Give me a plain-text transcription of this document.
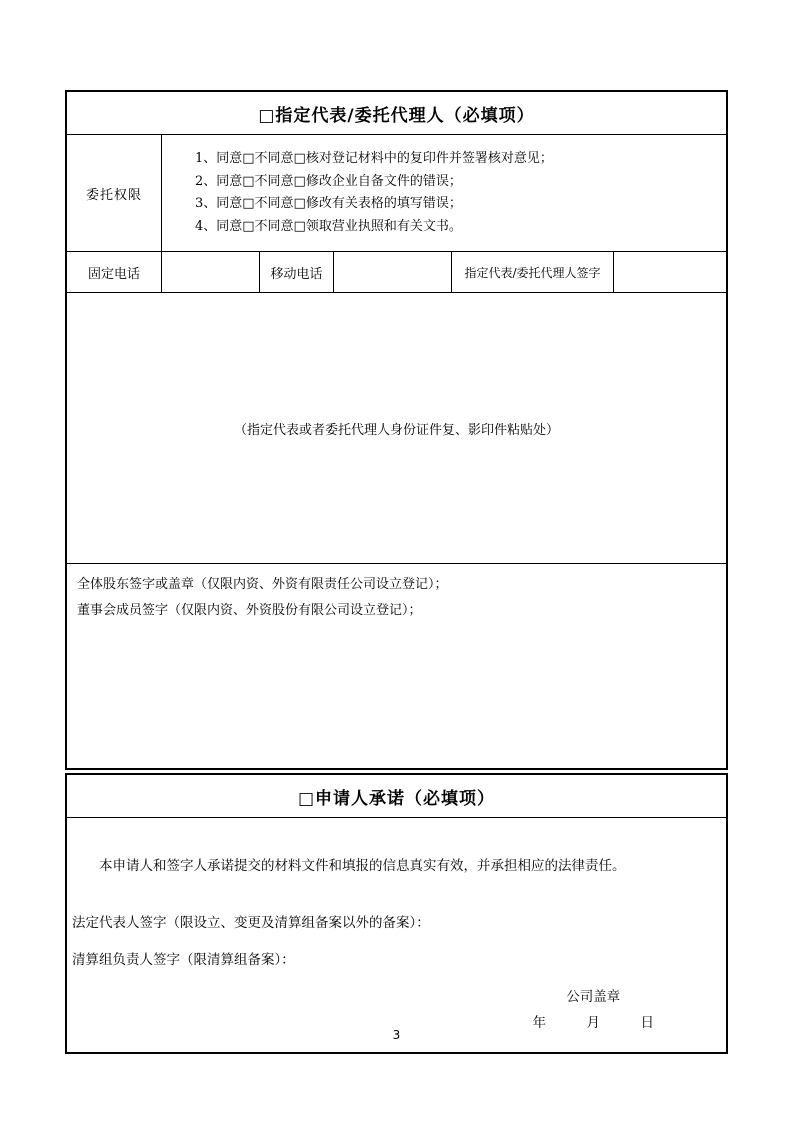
□指定代表/委托代理人（必填项）
委托权限
1、同意□不同意□核对登记材料中的复印件并签署核对意见；
2、同意□不同意□修改企业自备文件的错误；
3、同意□不同意□修改有关表格的填写错误；
4、同意□不同意□领取营业执照和有关文书。
固定电话	移动电话	指定代表/委托代理人签字
（指定代表或者委托代理人身份证件复、影印件粘贴处）

全体股东签字或盖章（仅限内资、外资有限责任公司设立登记）；

董事会成员签字（仅限内资、外资股份有限公司设立登记）；

□申请人承诺（必填项）

本申请人和签字人承诺提交的材料文件和填报的信息真实有效，并承担相应的法律责任。

法定代表人签字（限设立、变更及清算组备案以外的备案）：

清算组负责人签字（限清算组备案）：

公司盖章
年　　　月　　　日
3
